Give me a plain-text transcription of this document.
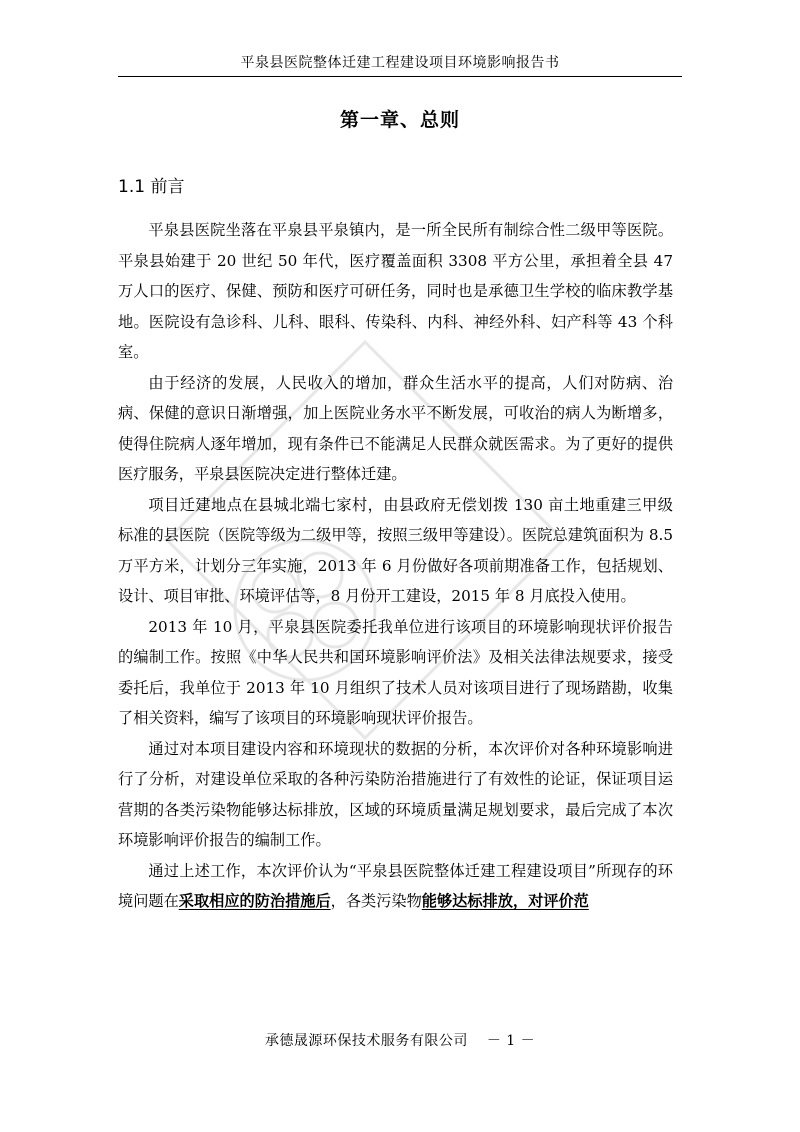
平泉县医院整体迁建工程建设项目环境影响报告书
第一章、总则
1.1 前言

平泉县医院坐落在平泉县平泉镇内，是一所全民所有制综合性二级甲等医院。平泉县始建于 20 世纪 50 年代，医疗覆盖面积 3308 平方公里，承担着全县 47 万人口的医疗、保健、预防和医疗可研任务，同时也是承德卫生学校的临床教学基地。医院设有急诊科、儿科、眼科、传染科、内科、神经外科、妇产科等 43 个科室。

由于经济的发展，人民收入的增加，群众生活水平的提高，人们对防病、治病、保健的意识日渐增强，加上医院业务水平不断发展，可收治的病人为断增多，使得住院病人逐年增加，现有条件已不能满足人民群众就医需求。为了更好的提供医疗服务，平泉县医院决定进行整体迁建。

项目迁建地点在县城北端七家村，由县政府无偿划拨 130 亩土地重建三甲级标准的县医院（医院等级为二级甲等，按照三级甲等建设）。医院总建筑面积为 8.5 万平方米，计划分三年实施，2013 年 6 月份做好各项前期准备工作，包括规划、设计、项目审批、环境评估等，8 月份开工建设，2015 年 8 月底投入使用。

2013 年 10 月，平泉县医院委托我单位进行该项目的环境影响现状评价报告的编制工作。按照《中华人民共和国环境影响评价法》及相关法律法规要求，接受委托后，我单位于 2013 年 10 月组织了技术人员对该项目进行了现场踏勘，收集了相关资料，编写了该项目的环境影响现状评价报告。

通过对本项目建设内容和环境现状的数据的分析，本次评价对各种环境影响进行了分析，对建设单位采取的各种污染防治措施进行了有效性的论证，保证项目运营期的各类污染物能够达标排放，区域的环境质量满足规划要求，最后完成了本次环境影响评价报告的编制工作。

通过上述工作，本次评价认为“平泉县医院整体迁建工程建设项目”所现存的环境问题在采取相应的防治措施后，各类污染物能够达标排放，对评价范

承德晟源环保技术服务有限公司 － 1 －
